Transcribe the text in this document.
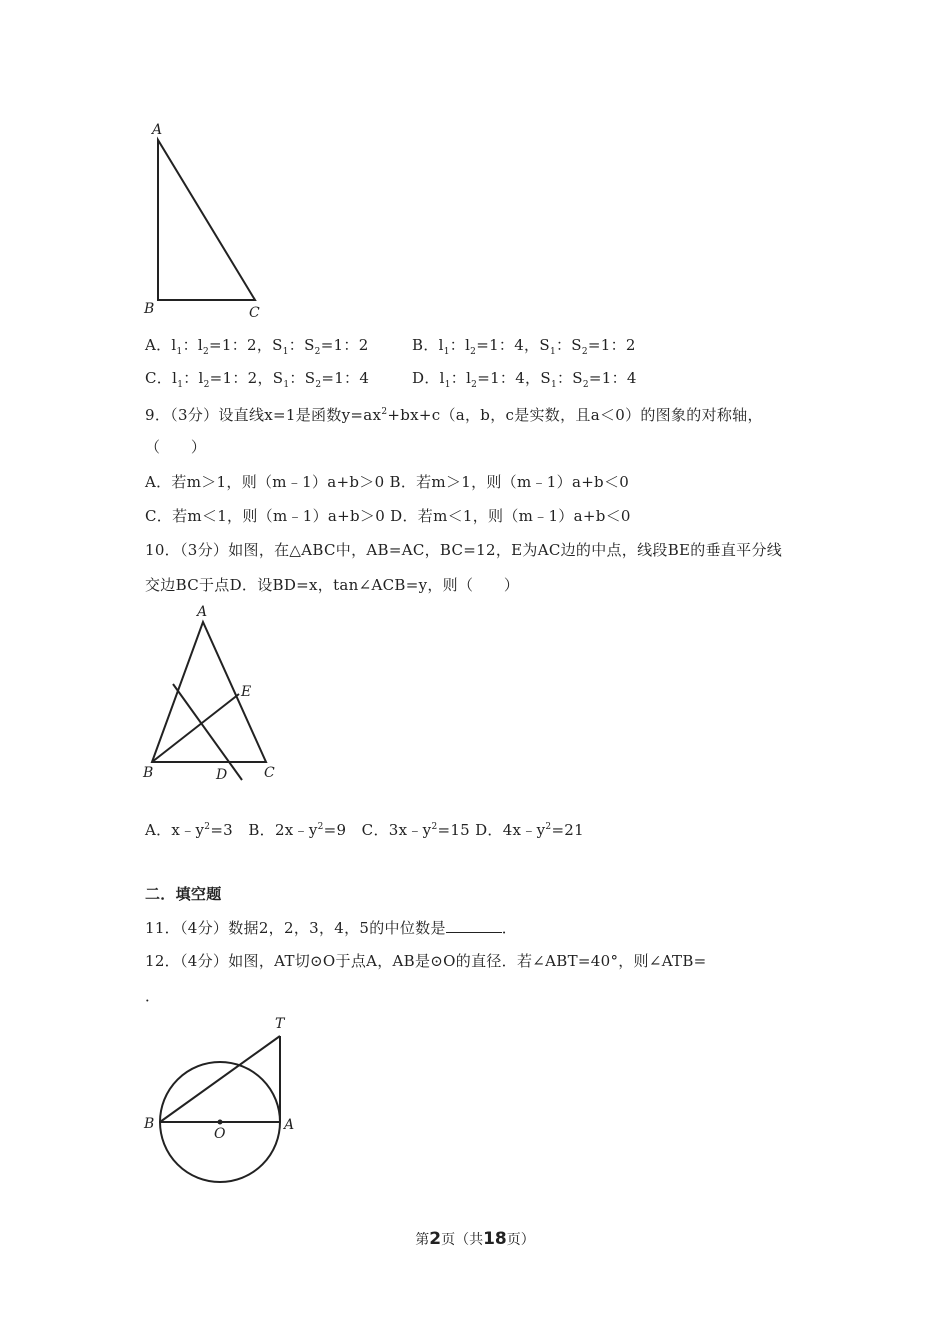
A
B	C
A．$l_1$：$l_2=1$：2，$S_1$：$S_2=1$：2	B．$l_1$：$l_2=1$：4，$S_1$：$S_2=1$：2
C．$l_1$：$l_2=1$：2，$S_1$：$S_2=1$：4	D．$l_1$：$l_2=1$：4，$S_1$：$S_2=1$：4
9．（3分）设直线x=1是函数$y=ax^2+bx+c(a$，b，c是实数，且a＜0）的图象的对称轴，
（　　）
A．若m＞1，则（m﹣1）a+b＞0 B．若m＞1，则（m﹣1）a+b＜0
C．若m＜1，则（m﹣1）a+b＞0 D．若m＜1，则（m﹣1）a+b＜0
10．（3分）如图，在△ABC中，AB=AC，BC=12，E为AC边的中点，线段BE的垂直平分线
交边BC于点D．设BD=x，tan∠ACB=y，则（　　）
A
E
B	D	C
A．$x﹣y^2=3$　B．$2x﹣y^2=9$　C．$3x﹣y^2=15$ D．$4x﹣y^2=21$
二．填空题
11．（4分）数据2，2，3，4，5的中位数是	．
12．（4分）如图，AT切⊙O于点A，AB是⊙O的直径．若∠ABT=40°，则∠ATB=
．
T
B
O
A
第2页（共18页）
